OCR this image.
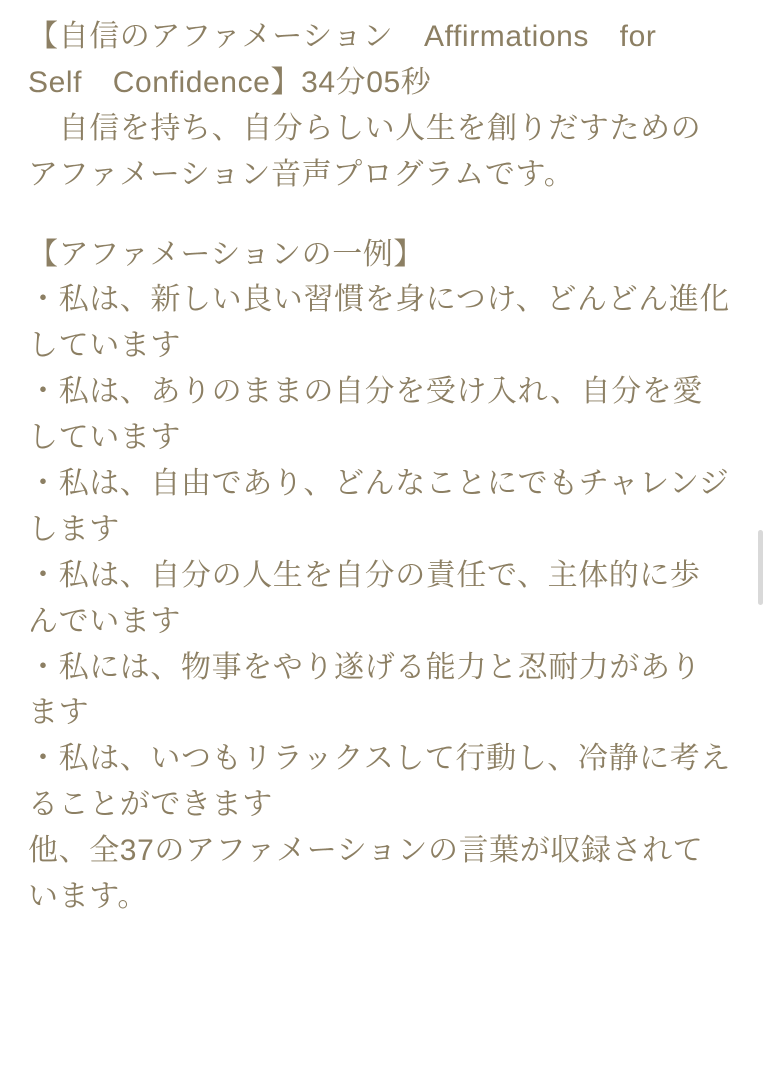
【自信のアファメーション　Affirmations　for　Self　Confidence】34分05秒

　自信を持ち、自分らしい人生を創りだすためのアファメーション音声プログラムです。

【アファメーションの一例】

・私は、新しい良い習慣を身につけ、どんどん進化しています

・私は、ありのままの自分を受け入れ、自分を愛しています

・私は、自由であり、どんなことにでもチャレンジします

・私は、自分の人生を自分の責任で、主体的に歩んでいます

・私には、物事をやり遂げる能力と忍耐力があります

・私は、いつもリラックスして行動し、冷静に考えることができます

他、全37のアファメーションの言葉が収録されています。
